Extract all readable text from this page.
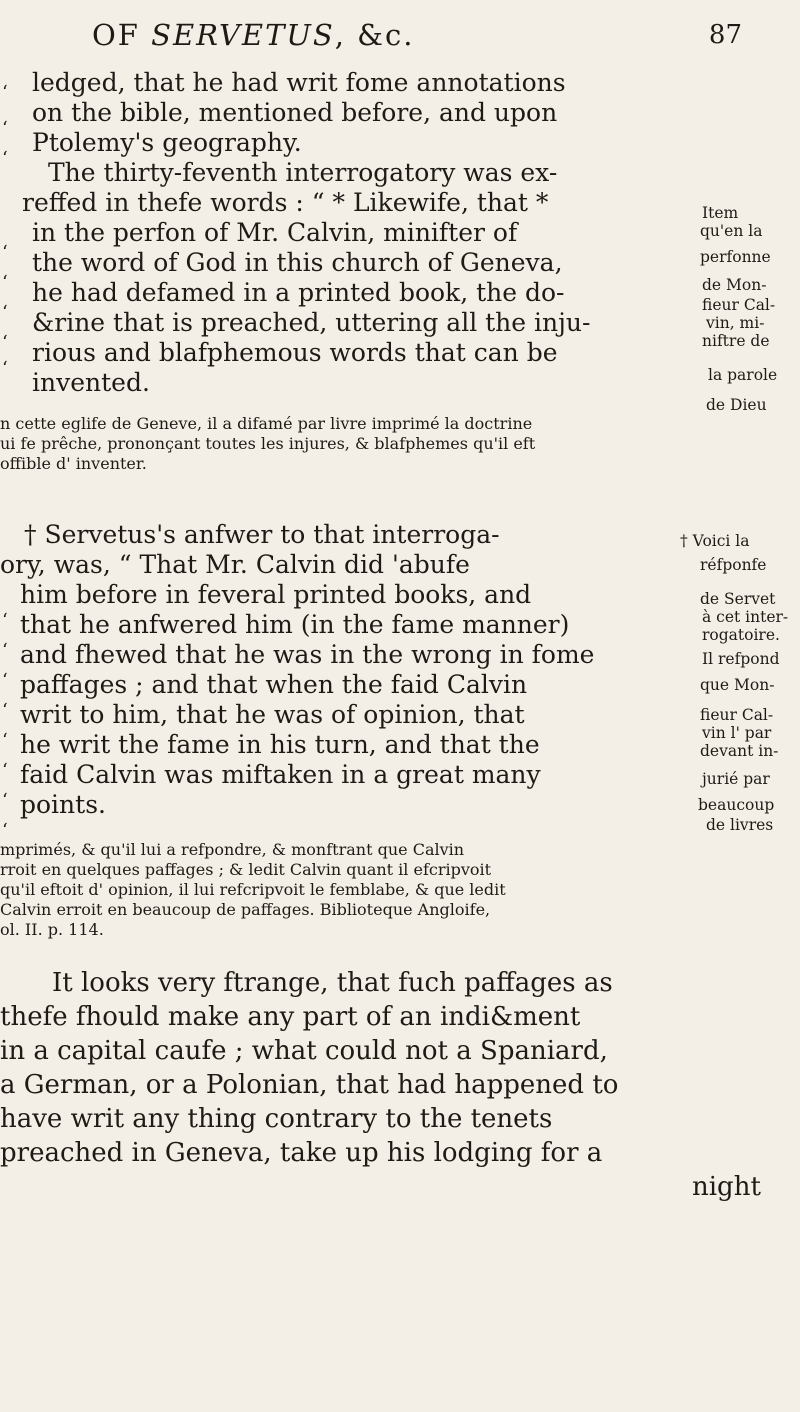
OF SERVETUS, &c.	87
‘
‘
‘
‘
‘
‘
‘
‘
‘
‘
‘
‘
‘
‘
‘
‘
ledged, that he had writ fome annotations
on the bible, mentioned before, and upon
Ptolemy's geography.
The thirty-feventh interrogatory was ex-
reffed in thefe words : “ * Likewife, that *
in the perfon of Mr. Calvin, minifter of
the word of God in this church of Geneva,
he had defamed in a printed book, the do-
&rine that is preached, uttering all the inju-
rious and blafphemous words that can be
invented.
Item
qu'en la
perfonne
de Mon-
fieur Cal-
vin, mi-
niftre de
la parole
de Dieu
n cette eglife de Geneve, il a difamé par livre imprimé la doctrine
ui fe prêche, prononçant toutes les injures, & blafphemes qu'il eft
offible d' inventer.
† Servetus's anfwer to that interroga-
ory, was, “ That Mr. Calvin did 'abufe
him before in feveral printed books, and
that he anfwered him (in the fame manner)
and fhewed that he was in the wrong in fome
paffages ; and that when the faid Calvin
writ to him, that he was of opinion, that
he writ the fame in his turn, and that the
faid Calvin was miftaken in a great many
points.
† Voici la
réfponfe
de Servet
à cet inter-
rogatoire.
Il refpond
que Mon-
fieur Cal-
vin l' par
devant in-
jurié par
beaucoup
de livres
mprimés, & qu'il lui a refpondre, & monftrant que Calvin
rroit en quelques paffages ; & ledit Calvin quant il efcripvoit
qu'il eftoit d' opinion, il lui refcripvoit le femblabe, & que ledit
Calvin erroit en beaucoup de paffages. Biblioteque Angloife,
ol. II. p. 114.
It looks very ftrange, that fuch paffages as
thefe fhould make any part of an indi&ment
in a capital caufe ; what could not a Spaniard,
a German, or a Polonian, that had happened to
have writ any thing contrary to the tenets
preached in Geneva, take up his lodging for a
night
